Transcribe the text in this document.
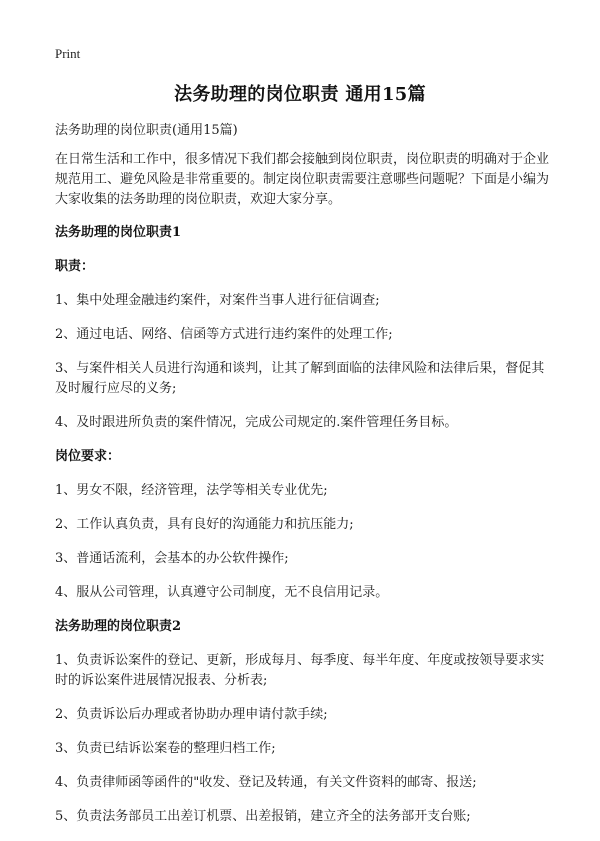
Print
法务助理的岗位职责 通用15篇

法务助理的岗位职责(通用15篇)

在日常生活和工作中，很多情况下我们都会接触到岗位职责，岗位职责的明确对于企业规范用工、避免风险是非常重要的。制定岗位职责需要注意哪些问题呢？下面是小编为大家收集的法务助理的岗位职责，欢迎大家分享。

法务助理的岗位职责1

职责：

1、集中处理金融违约案件，对案件当事人进行征信调查;

2、通过电话、网络、信函等方式进行违约案件的处理工作;

3、与案件相关人员进行沟通和谈判，让其了解到面临的法律风险和法律后果，督促其及时履行应尽的义务;

4、及时跟进所负责的案件情况，完成公司规定的.案件管理任务目标。

岗位要求：

1、男女不限，经济管理，法学等相关专业优先;

2、工作认真负责，具有良好的沟通能力和抗压能力;

3、普通话流利，会基本的办公软件操作;

4、服从公司管理，认真遵守公司制度，无不良信用记录。

法务助理的岗位职责2

1、负责诉讼案件的登记、更新，形成每月、每季度、每半年度、年度或按领导要求实时的诉讼案件进展情况报表、分析表;

2、负责诉讼后办理或者协助办理申请付款手续;

3、负责已结诉讼案卷的整理归档工作;

4、负责律师函等函件的"收发、登记及转通，有关文件资料的邮寄、报送;

5、负责法务部员工出差订机票、出差报销，建立齐全的法务部开支台账;
